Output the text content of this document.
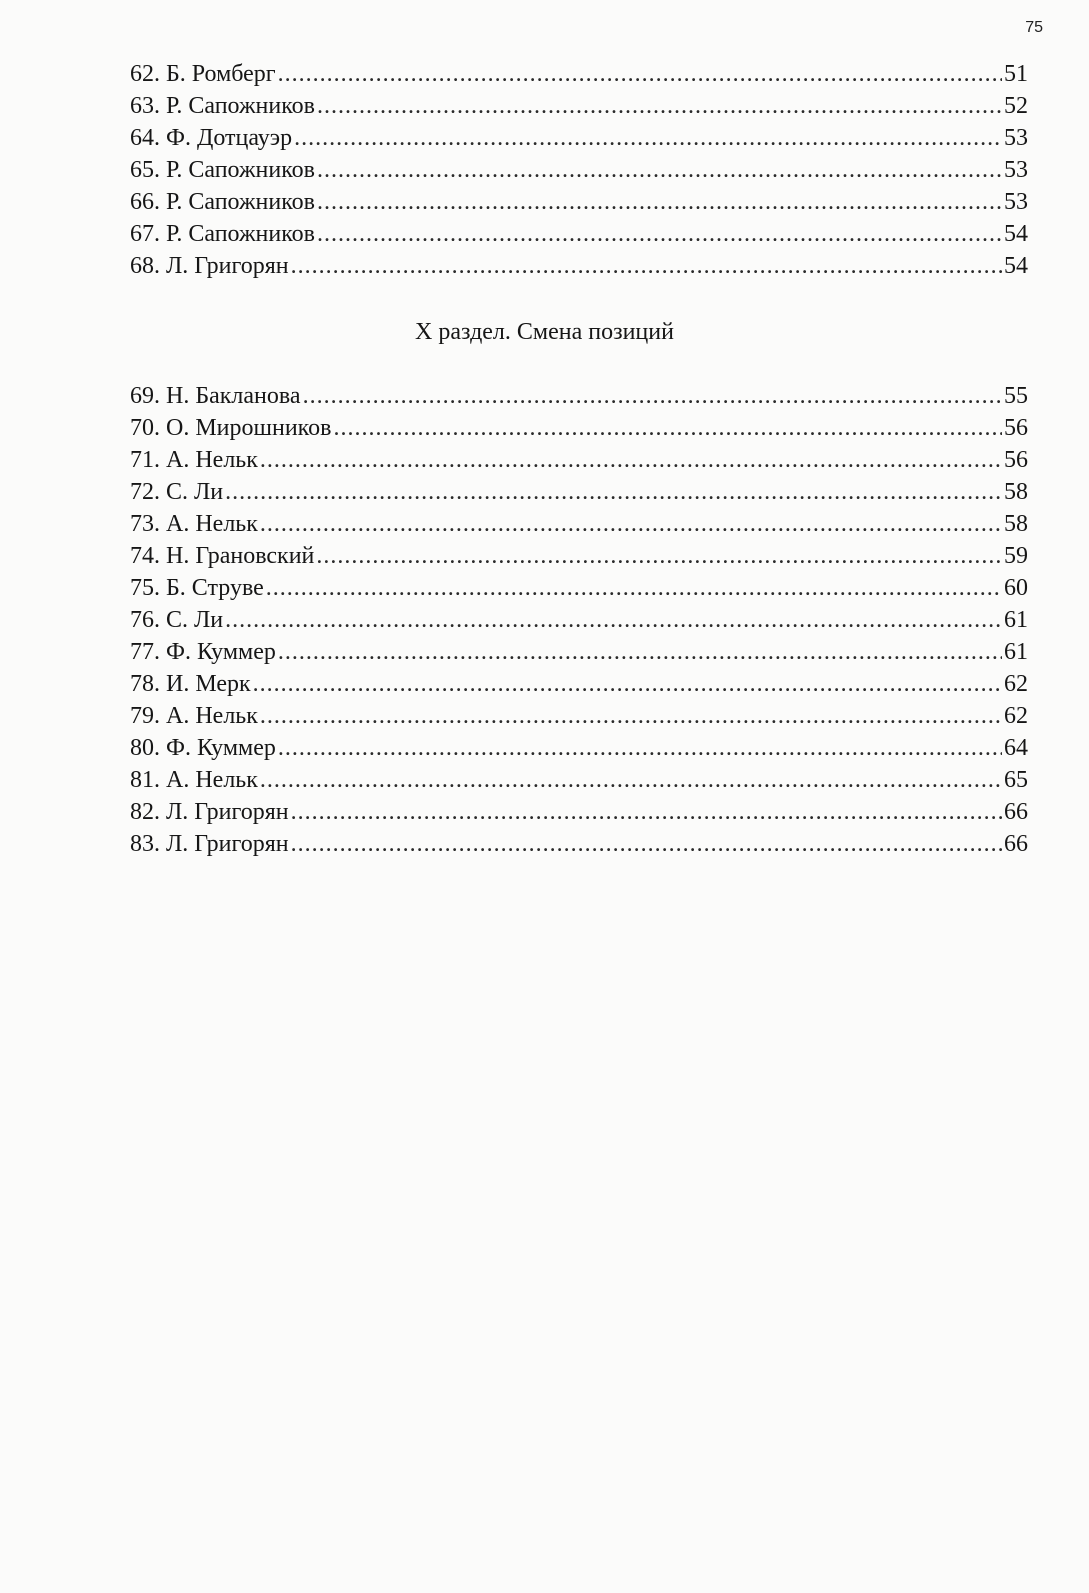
75
62. Б. Ромберг .....	51
63. Р. Сапожников .....	52
64. Ф. Дотцауэр .....	53
65. Р. Сапожников .....	53
66. Р. Сапожников .....	53
67. Р. Сапожников .....	54
68. Л. Григорян .....	54
X раздел. Смена позиций
69. Н. Бакланова .....	55
70. О. Мирошников .....	56
71. А. Нельк .....	56
72. С. Ли .....	58
73. А. Нельк .....	58
74. Н. Грановский .....	59
75. Б. Струве .....	60
76. С. Ли .....	61
77. Ф. Куммер .....	61
78. И. Мерк .....	62
79. А. Нельк .....	62
80. Ф. Куммер .....	64
81. А. Нельк .....	65
82. Л. Григорян .....	66
83. Л. Григорян .....	66
